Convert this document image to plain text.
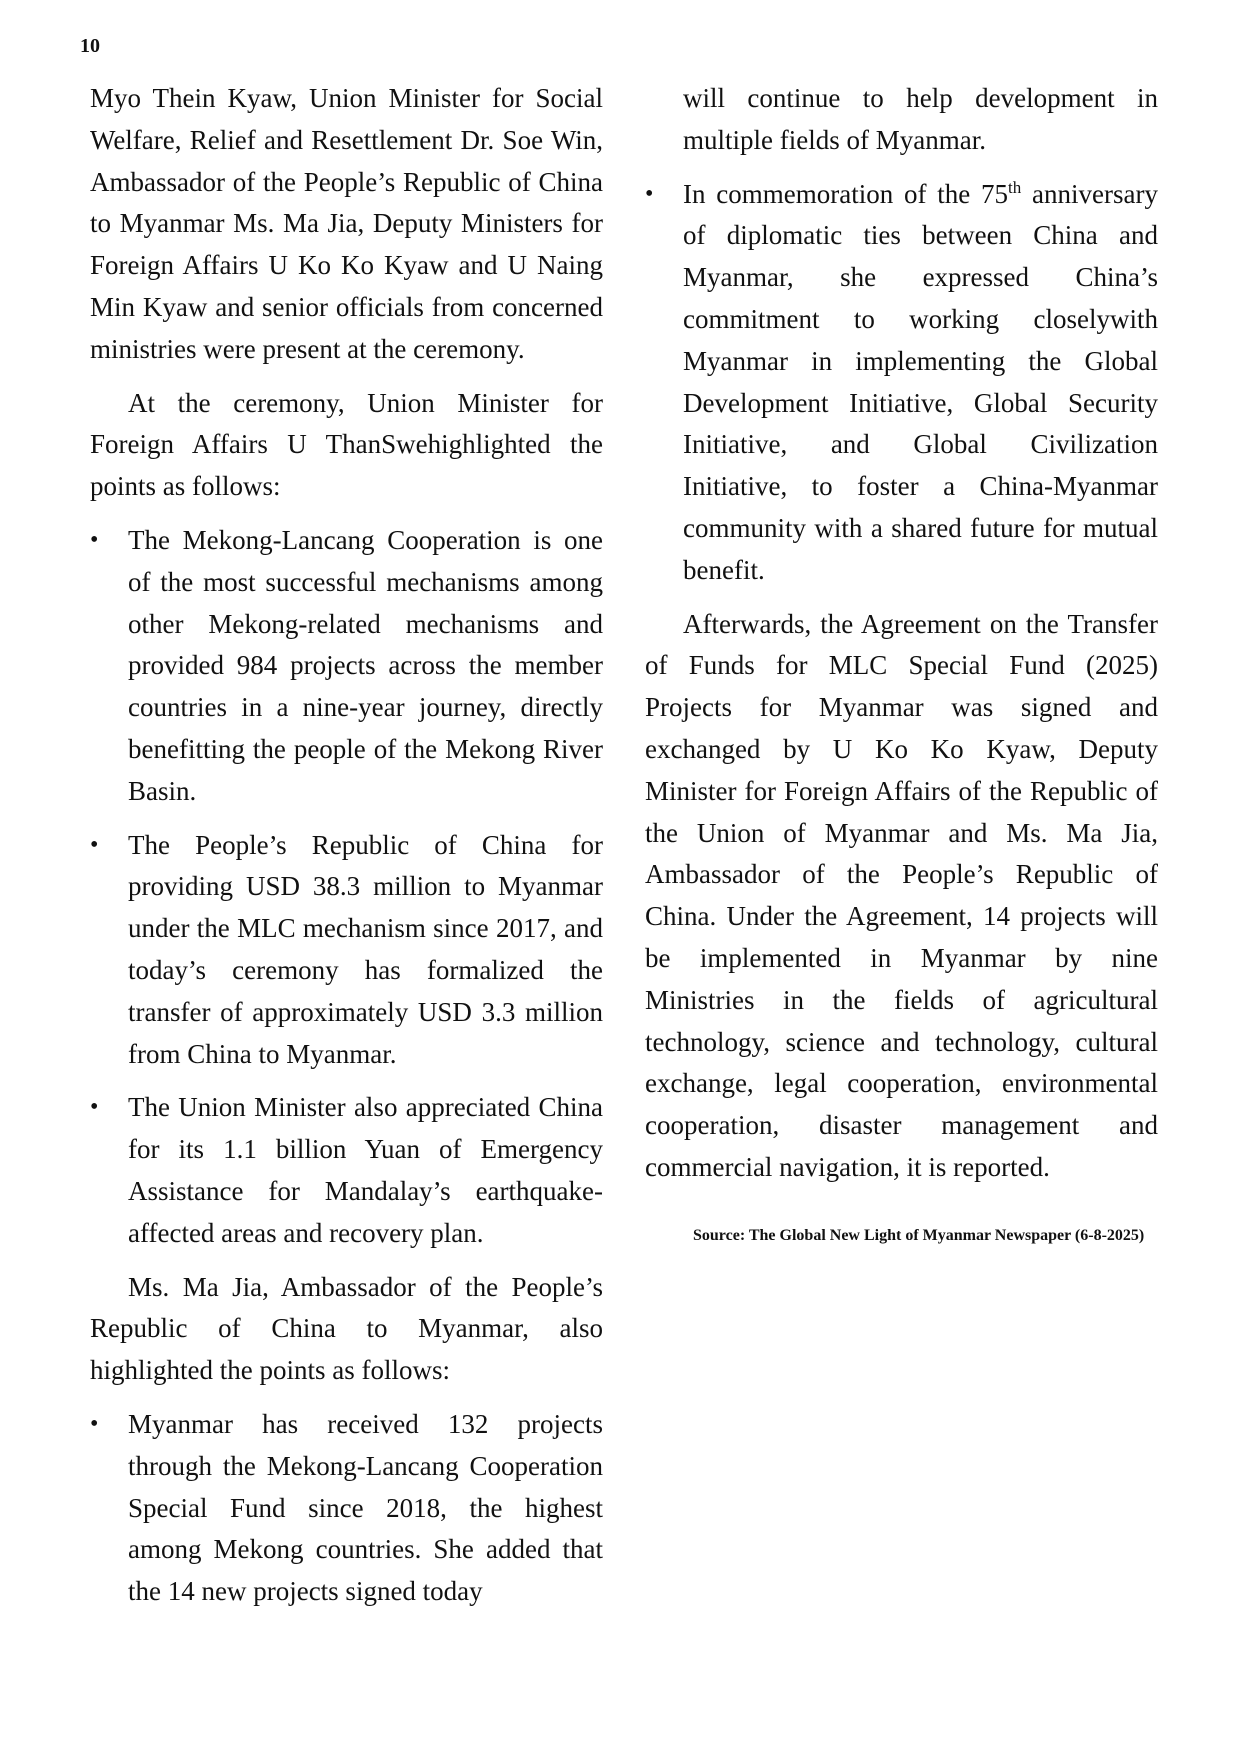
10

Myo Thein Kyaw, Union Minister for Social Welfare, Relief and Resettlement Dr. Soe Win, Ambassador of the People’s Republic of China to Myanmar Ms. Ma Jia, Deputy Ministers for Foreign Affairs U Ko Ko Kyaw and U Naing Min Kyaw and senior officials from concerned ministries were present at the ceremony.

At the ceremony, Union Minister for Foreign Affairs U ThanSwehighlighted the points as follows:

• The Mekong-Lancang Cooperation is one of the most successful mechanisms among other Mekong-related mechanisms and provided 984 projects across the member countries in a nine-year journey, directly benefitting the people of the Mekong River Basin.
• The People’s Republic of China for providing USD 38.3 million to Myanmar under the MLC mechanism since 2017, and today’s ceremony has formalized the transfer of approximately USD 3.3 million from China to Myanmar.
• The Union Minister also appreciated China for its 1.1 billion Yuan of Emergency Assistance for Mandalay’s earthquake-affected areas and recovery plan.

Ms. Ma Jia, Ambassador of the People’s Republic of China to Myanmar, also highlighted the points as follows:

• Myanmar has received 132 projects through the Mekong-Lancang Cooperation Special Fund since 2018, the highest among Mekong countries. She added that the 14 new projects signed today

will continue to help development in multiple fields of Myanmar.

• In commemoration of the 75th anniversary of diplomatic ties between China and Myanmar, she expressed China’s commitment to working closelywith Myanmar in implementing the Global Development Initiative, Global Security Initiative, and Global Civilization Initiative, to foster a China-Myanmar community with a shared future for mutual benefit.

Afterwards, the Agreement on the Transfer of Funds for MLC Special Fund (2025) Projects for Myanmar was signed and exchanged by U Ko Ko Kyaw, Deputy Minister for Foreign Affairs of the Republic of the Union of Myanmar and Ms. Ma Jia, Ambassador of the People’s Republic of China. Under the Agreement, 14 projects will be implemented in Myanmar by nine Ministries in the fields of agricultural technology, science and technology, cultural exchange, legal cooperation, environmental cooperation, disaster management and commercial navigation, it is reported.

Source: The Global New Light of Myanmar Newspaper (6-8-2025)
